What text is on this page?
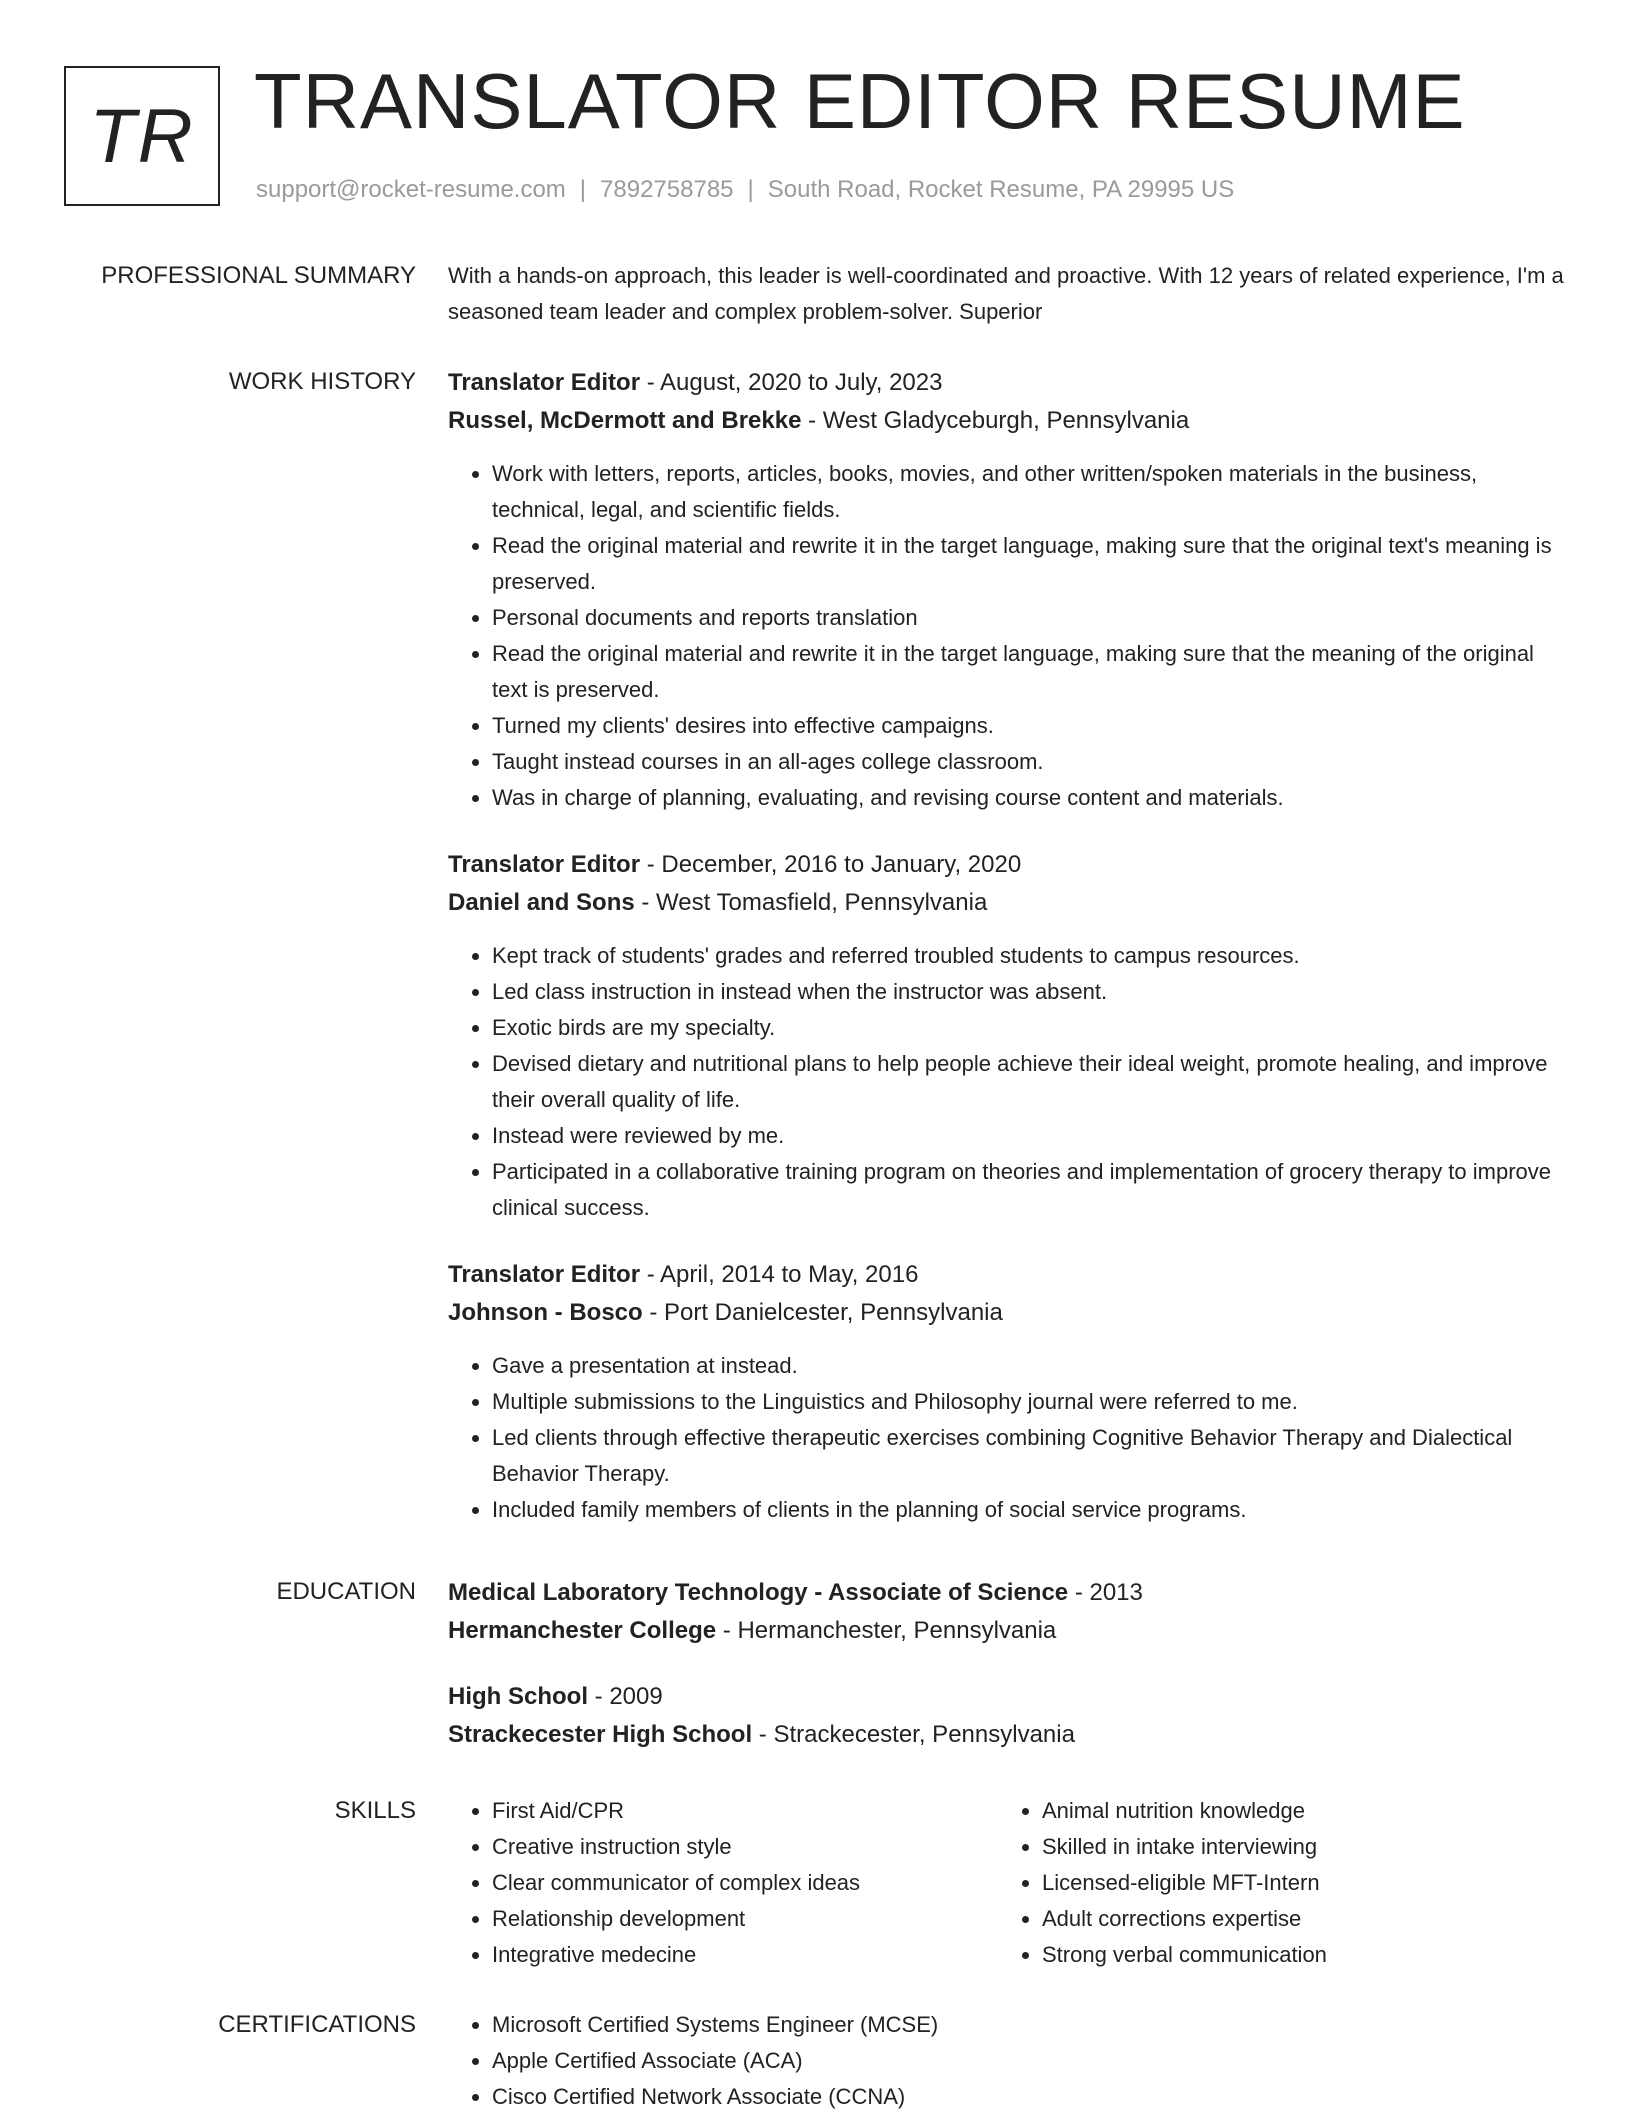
TR TRANSLATOR EDITOR RESUME
support@rocket-resume.com | 7892758785 | South Road, Rocket Resume, PA 29995 US
PROFESSIONAL SUMMARY With a hands-on approach, this leader is well-coordinated and proactive. With 12 years of related experience, I'm a seasoned team leader and complex problem-solver. Superior

WORK HISTORY Translator Editor - August, 2020 to July, 2023

Russel, McDermott and Brekke - West Gladyceburgh, Pennsylvania

• Work with letters, reports, articles, books, movies, and other written/spoken materials in the business, technical, legal, and scientific fields.
• Read the original material and rewrite it in the target language, making sure that the original text's meaning is preserved.
• Personal documents and reports translation
• Read the original material and rewrite it in the target language, making sure that the meaning of the original text is preserved.
• Turned my clients' desires into effective campaigns.
• Taught instead courses in an all-ages college classroom.
• Was in charge of planning, evaluating, and revising course content and materials.

Translator Editor - December, 2016 to January, 2020

Daniel and Sons - West Tomasfield, Pennsylvania

• Kept track of students' grades and referred troubled students to campus resources.
• Led class instruction in instead when the instructor was absent.
• Exotic birds are my specialty.
• Devised dietary and nutritional plans to help people achieve their ideal weight, promote healing, and improve their overall quality of life.
• Instead were reviewed by me.
• Participated in a collaborative training program on theories and implementation of grocery therapy to improve clinical success.

Translator Editor - April, 2014 to May, 2016

Johnson - Bosco - Port Danielcester, Pennsylvania

• Gave a presentation at instead.
• Multiple submissions to the Linguistics and Philosophy journal were referred to me.
• Led clients through effective therapeutic exercises combining Cognitive Behavior Therapy and Dialectical Behavior Therapy.
• Included family members of clients in the planning of social service programs.
EDUCATION Medical Laboratory Technology - Associate of Science - 2013

Hermanchester College - Hermanchester, Pennsylvania

High School - 2009

Strackecester High School - Strackecester, Pennsylvania

SKILLS	• First Aid/CPR
• Creative instruction style
• Clear communicator of complex ideas
• Relationship development
• Integrative medecine
• Animal nutrition knowledge
• Skilled in intake interviewing
• Licensed-eligible MFT-Intern
• Adult corrections expertise
• Strong verbal communication
CERTIFICATIONS	• Microsoft Certified Systems Engineer (MCSE)
• Apple Certified Associate (ACA)
• Cisco Certified Network Associate (CCNA)
